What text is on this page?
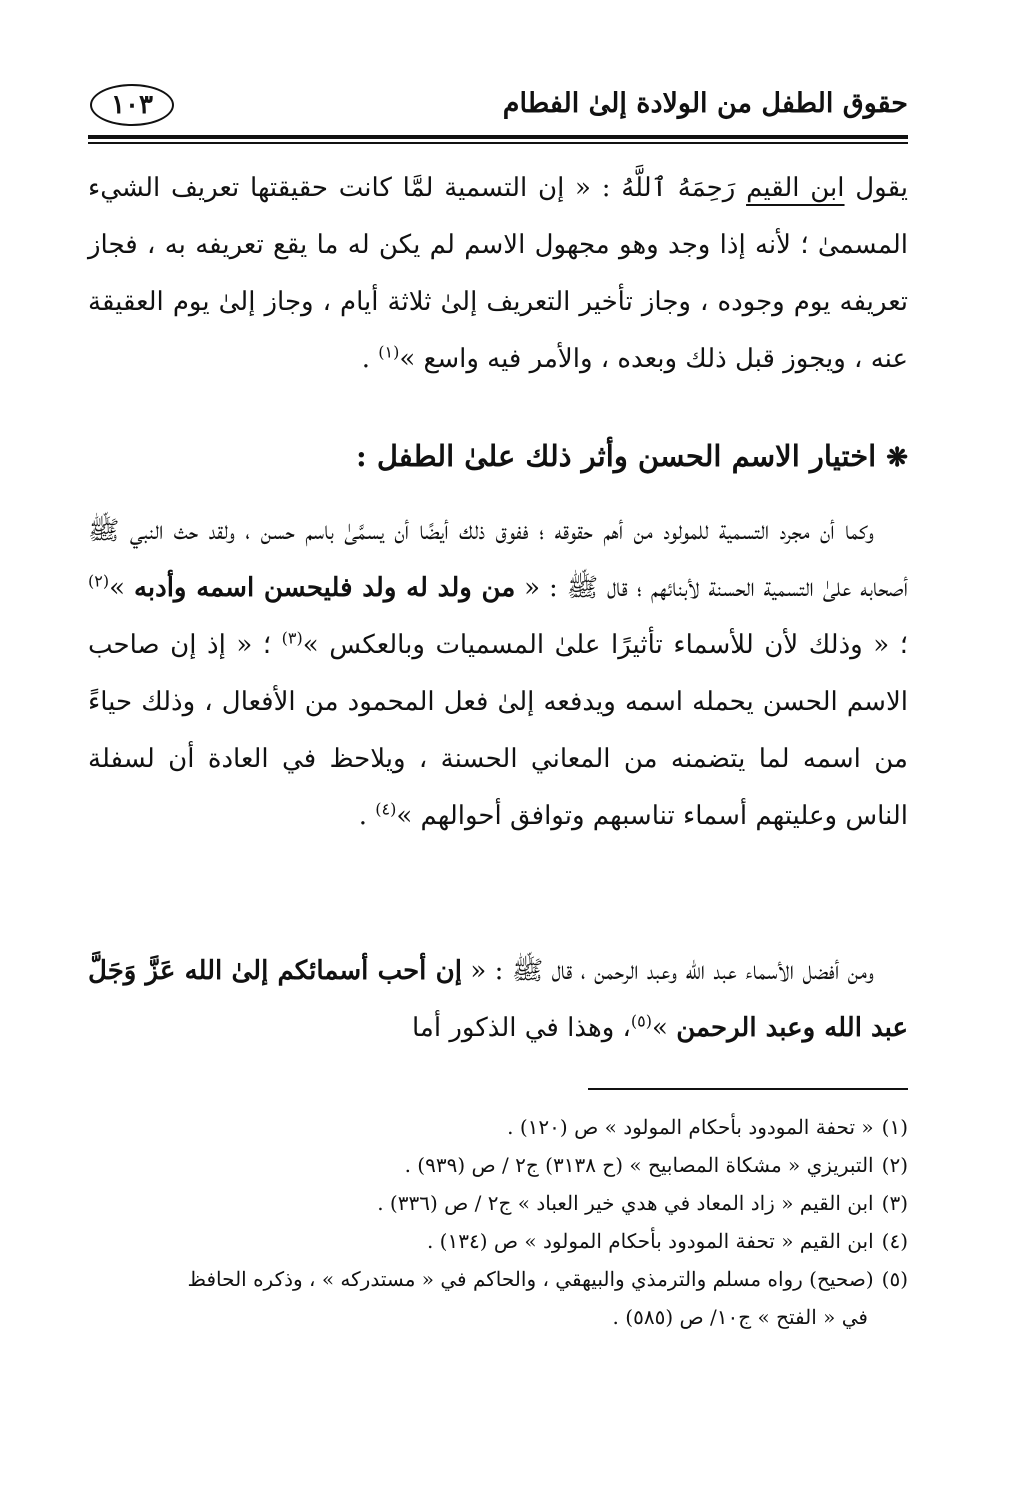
حقوق الطفل من الولادة إلىٰ الفطام
١٠٣
يقول ابن القيم رَحِمَهُ ٱللَّهُ : « إن التسمية لمَّا كانت حقيقتها تعريف الشيء المسمىٰ ؛ لأنه إذا وجد وهو مجهول الاسم لم يكن له ما يقع تعريفه به ، فجاز تعريفه يوم وجوده ، وجاز تأخير التعريف إلىٰ ثلاثة أيام ، وجاز إلىٰ يوم العقيقة عنه ، ويجوز قبل ذلك وبعده ، والأمر فيه واسع »$^{(١)}$ .
❋اختيار الاسم الحسن وأثر ذلك علىٰ الطفل :
وكما أن مجرد التسمية للمولود من أهم حقوقه ؛ ففوق ذلك أيضًا أن يسمَّىٰ باسم حسن ، ولقد حث النبي ﷺ أصحابه علىٰ التسمية الحسنة لأبنائهم ؛ قال ﷺ : « من ولد له ولد فليحسن اسمه وأدبه »$^{(٢)}$ ؛ « وذلك لأن للأسماء تأثيرًا علىٰ المسميات وبالعكس »$^{(٣)}$ ؛ « إذ إن صاحب الاسم الحسن يحمله اسمه ويدفعه إلىٰ فعل المحمود من الأفعال ، وذلك حياءً من اسمه لما يتضمنه من المعاني الحسنة ، ويلاحظ في العادة أن لسفلة الناس وعليتهم أسماء تناسبهم وتوافق أحوالهم »$^{(٤)}$ .
ومن أفضل الأسماء عبد الله وعبد الرحمن ، قال ﷺ : « إن أحب أسمائكم إلىٰ الله عَزَّ وَجَلَّ عبد الله وعبد الرحمن »$^{(٥)}$، وهذا في الذكور أما
(١)« تحفة المودود بأحكام المولود » ص (١٢٠) .
(٢)التبريزي « مشكاة المصابيح » (ح ٣١٣٨) ج٢ / ص (٩٣٩) .
(٣)ابن القيم « زاد المعاد في هدي خير العباد » ج٢ / ص (٣٣٦) .
(٤)ابن القيم « تحفة المودود بأحكام المولود » ص (١٣٤) .
(٥)(صحيح) رواه مسلم والترمذي والبيهقي ، والحاكم في « مستدركه » ، وذكره الحافظ
في « الفتح » ج١٠/ ص (٥٨٥) .
